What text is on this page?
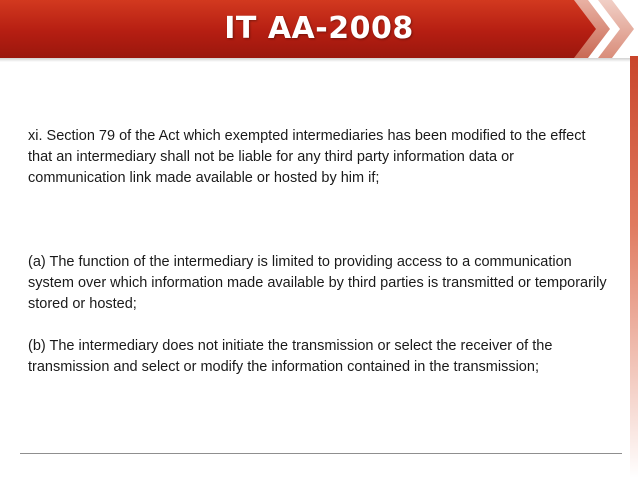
IT AA-2008

xi. Section 79 of the Act which exempted intermediaries has been modified to the effect that an intermediary shall not be liable for any third party information data or communication link made available or hosted by him if;

(a) The function of the intermediary is limited to providing access to a communication system over which information made available by third parties is transmitted or temporarily stored or hosted;

(b) The intermediary does not initiate the transmission or select the receiver of the transmission and select or modify the information contained in the transmission;
